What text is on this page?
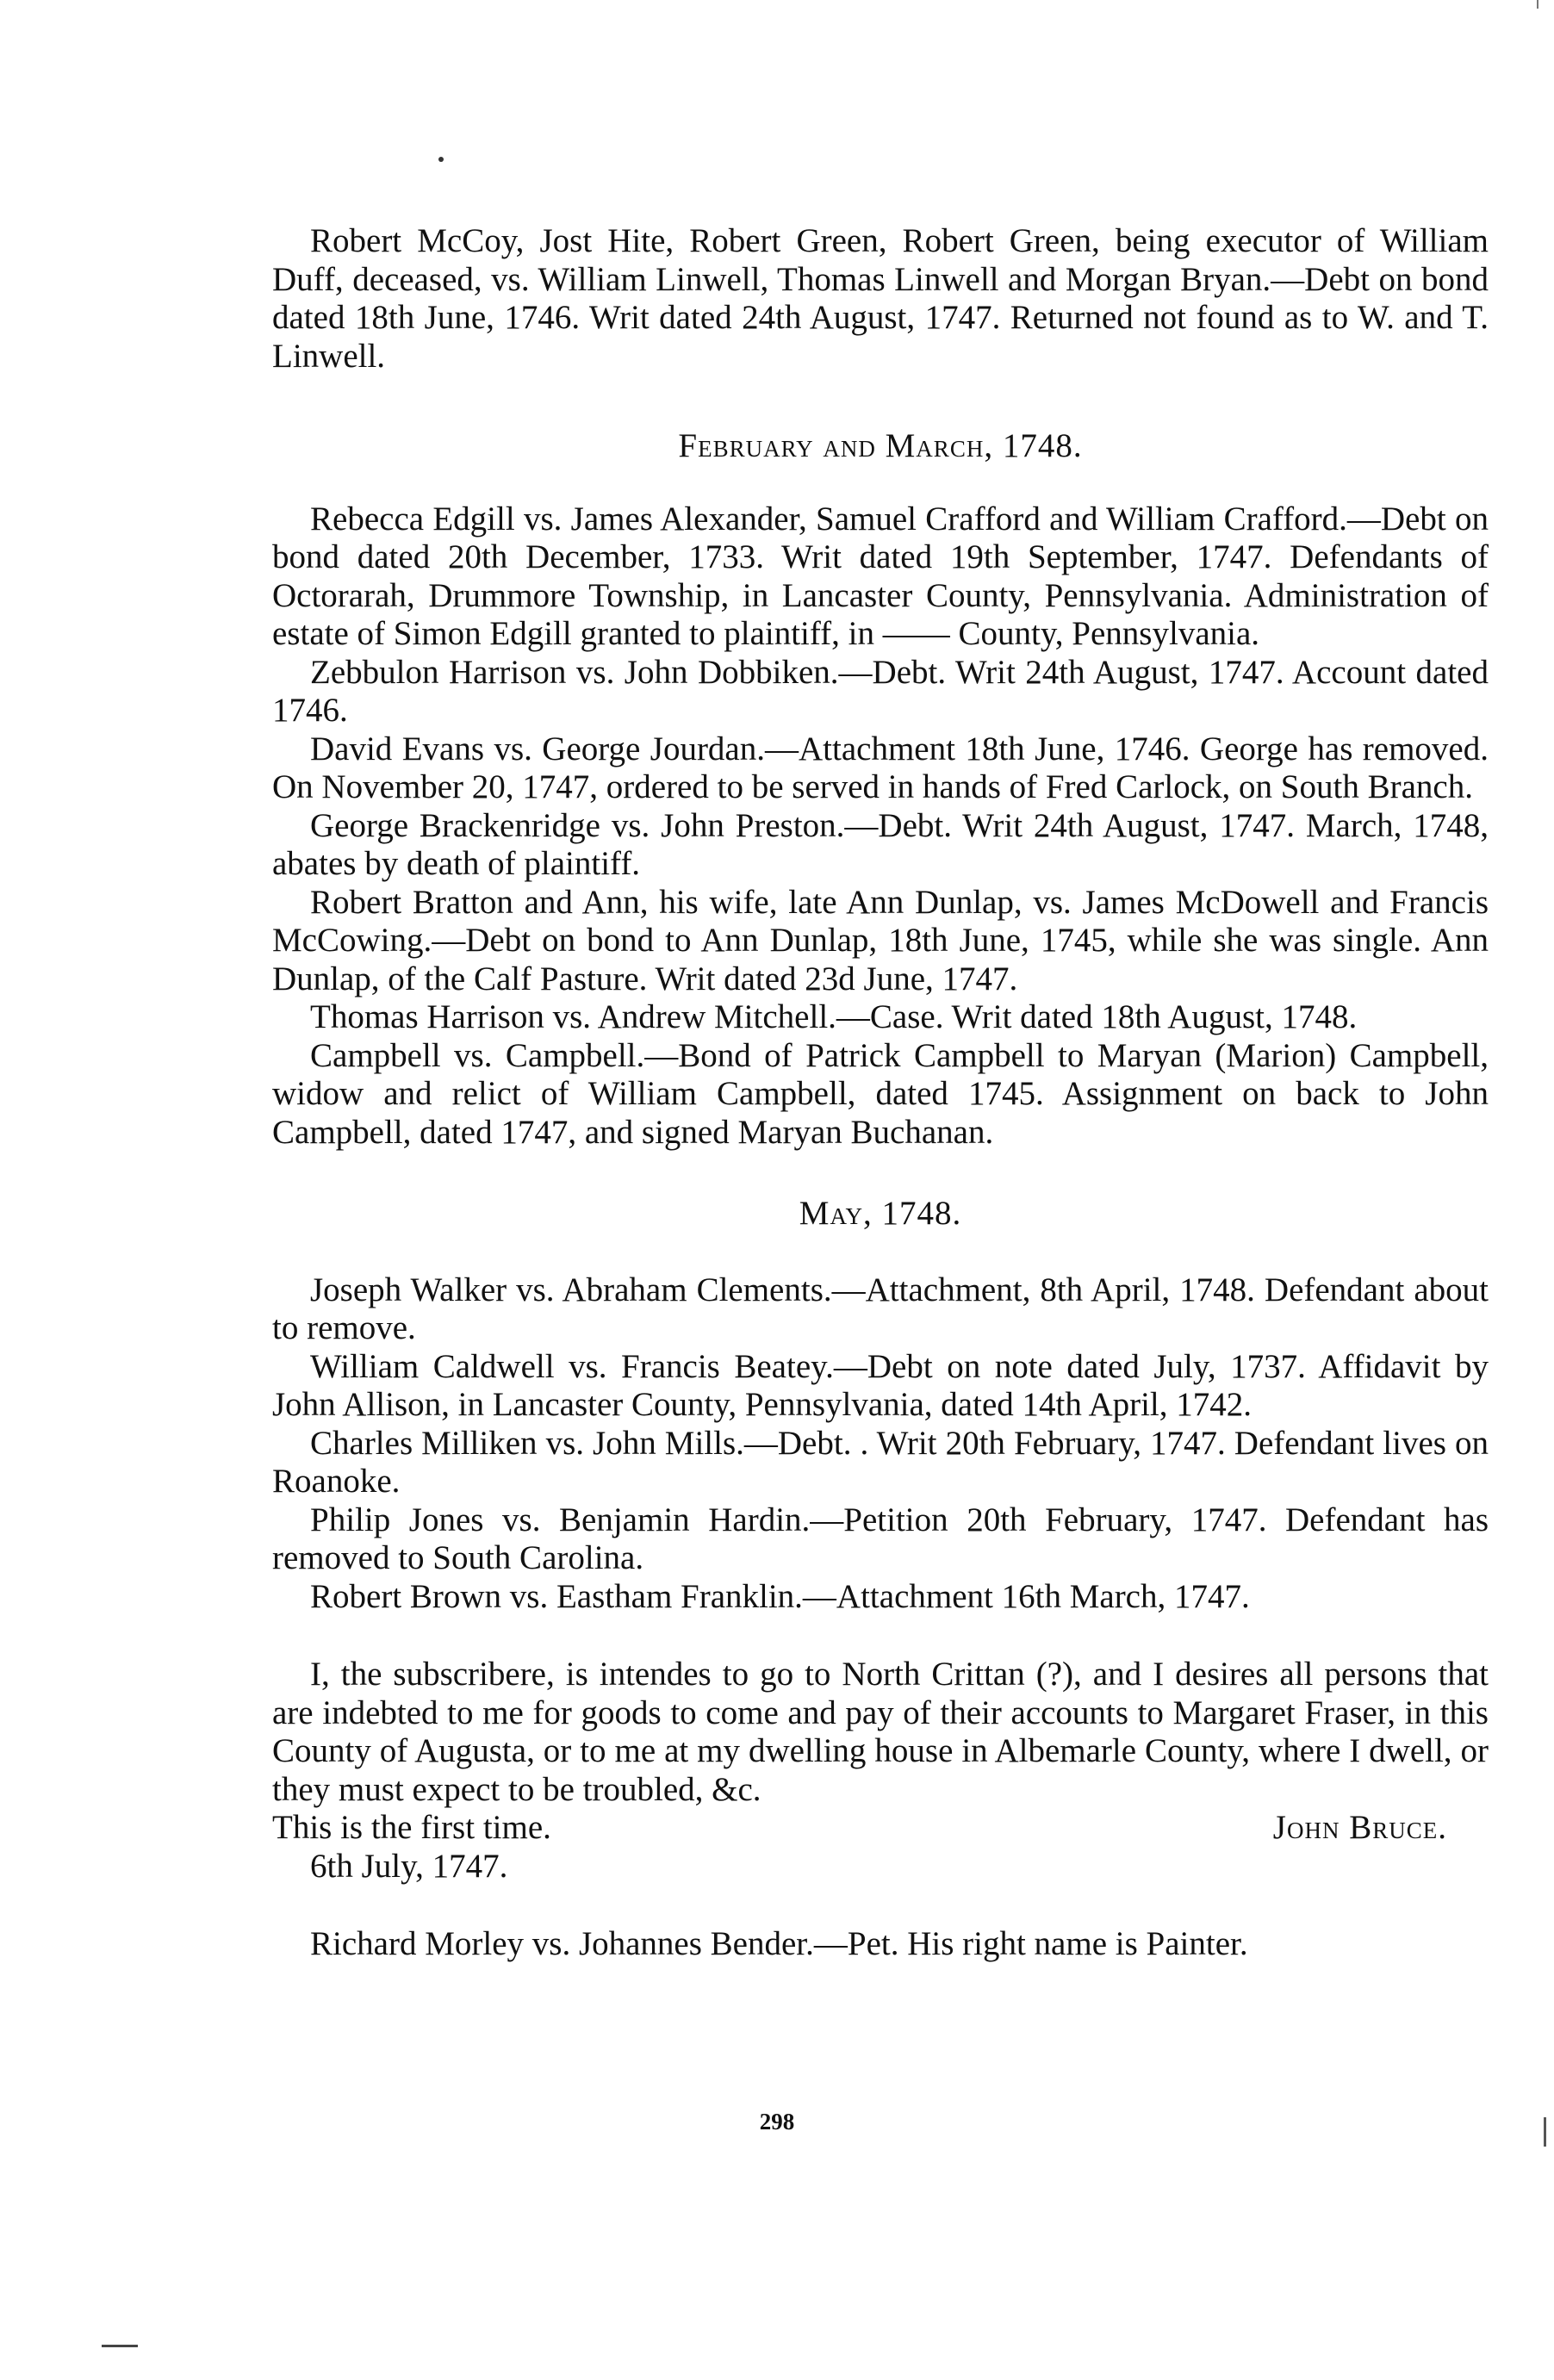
Robert McCoy, Jost Hite, Robert Green, Robert Green, being executor of William Duff, deceased, vs. William Linwell, Thomas Linwell and Morgan Bryan.—Debt on bond dated 18th June, 1746. Writ dated 24th August, 1747. Returned not found as to W. and T. Linwell.

February and March, 1748.

Rebecca Edgill vs. James Alexander, Samuel Crafford and William Crafford.—Debt on bond dated 20th December, 1733. Writ dated 19th September, 1747. Defendants of Octorarah, Drummore Township, in Lancaster County, Pennsylvania. Administration of estate of Simon Edgill granted to plaintiff, in —— County, Pennsylvania.

Zebbulon Harrison vs. John Dobbiken.—Debt. Writ 24th August, 1747. Account dated 1746.

David Evans vs. George Jourdan.—Attachment 18th June, 1746. George has removed. On November 20, 1747, ordered to be served in hands of Fred Carlock, on South Branch.

George Brackenridge vs. John Preston.—Debt. Writ 24th August, 1747. March, 1748, abates by death of plaintiff.

Robert Bratton and Ann, his wife, late Ann Dunlap, vs. James McDowell and Francis McCowing.—Debt on bond to Ann Dunlap, 18th June, 1745, while she was single. Ann Dunlap, of the Calf Pasture. Writ dated 23d June, 1747.

Thomas Harrison vs. Andrew Mitchell.—Case. Writ dated 18th August, 1748.

Campbell vs. Campbell.—Bond of Patrick Campbell to Maryan (Marion) Campbell, widow and relict of William Campbell, dated 1745. Assignment on back to John Campbell, dated 1747, and signed Maryan Buchanan.

May, 1748.

Joseph Walker vs. Abraham Clements.—Attachment, 8th April, 1748. Defendant about to remove.

William Caldwell vs. Francis Beatey.—Debt on note dated July, 1737. Affidavit by John Allison, in Lancaster County, Pennsylvania, dated 14th April, 1742.

Charles Milliken vs. John Mills.—Debt. . Writ 20th February, 1747. Defendant lives on Roanoke.

Philip Jones vs. Benjamin Hardin.—Petition 20th February, 1747. Defendant has removed to South Carolina.

Robert Brown vs. Eastham Franklin.—Attachment 16th March, 1747.

I, the subscribere, is intendes to go to North Crittan (?), and I desires all persons that are indebted to me for goods to come and pay of their accounts to Margaret Fraser, in this County of Augusta, or to me at my dwelling house in Albemarle County, where I dwell, or they must expect to be troubled, &c.

This is the first time.	John Bruce.

6th July, 1747.

Richard Morley vs. Johannes Bender.—Pet. His right name is Painter.

298
